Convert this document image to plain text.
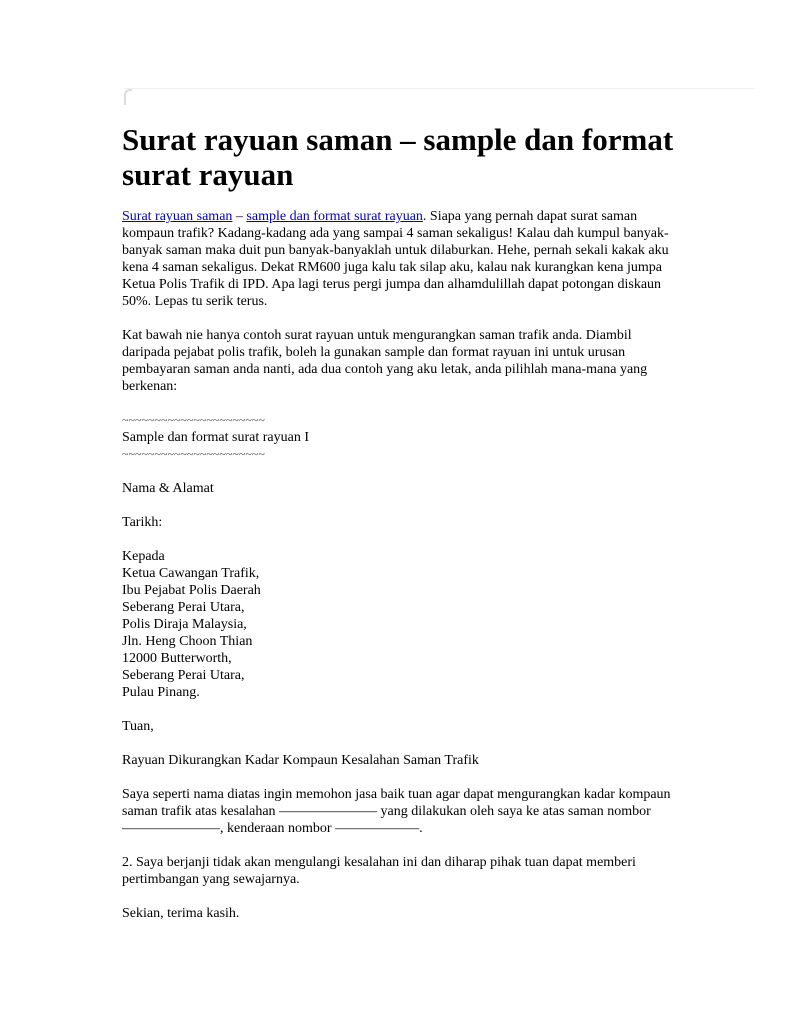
Surat rayuan saman – sample dan format surat rayuan

Surat rayuan saman – sample dan format surat rayuan. Siapa yang pernah dapat surat saman kompaun trafik? Kadang-kadang ada yang sampai 4 saman sekaligus! Kalau dah kumpul banyak-banyak saman maka duit pun banyak-banyaklah untuk dilaburkan. Hehe, pernah sekali kakak aku kena 4 saman sekaligus. Dekat RM600 juga kalu tak silap aku, kalau nak kurangkan kena jumpa Ketua Polis Trafik di IPD. Apa lagi terus pergi jumpa dan alhamdulillah dapat potongan diskaun 50%. Lepas tu serik terus.

Kat bawah nie hanya contoh surat rayuan untuk mengurangkan saman trafik anda. Diambil daripada pejabat polis trafik, boleh la gunakan sample dan format rayuan ini untuk urusan pembayaran saman anda nanti, ada dua contoh yang aku letak, anda pilihlah mana-mana yang berkenan:

~~~~~~~~~~~~~~~~~~~~~~
Sample dan format surat rayuan I
~~~~~~~~~~~~~~~~~~~~~~

Nama & Alamat

Tarikh:

Kepada
Ketua Cawangan Trafik,
Ibu Pejabat Polis Daerah
Seberang Perai Utara,
Polis Diraja Malaysia,
Jln. Heng Choon Thian
12000 Butterworth,
Seberang Perai Utara,
Pulau Pinang.

Tuan,

Rayuan Dikurangkan Kadar Kompaun Kesalahan Saman Trafik

Saya seperti nama diatas ingin memohon jasa baik tuan agar dapat mengurangkan kadar kompaun saman trafik atas kesalahan ——————— yang dilakukan oleh saya ke atas saman nombor———————, kenderaan nombor ——————.

2. Saya berjanji tidak akan mengulangi kesalahan ini dan diharap pihak tuan dapat memberi pertimbangan yang sewajarnya.

Sekian, terima kasih.
